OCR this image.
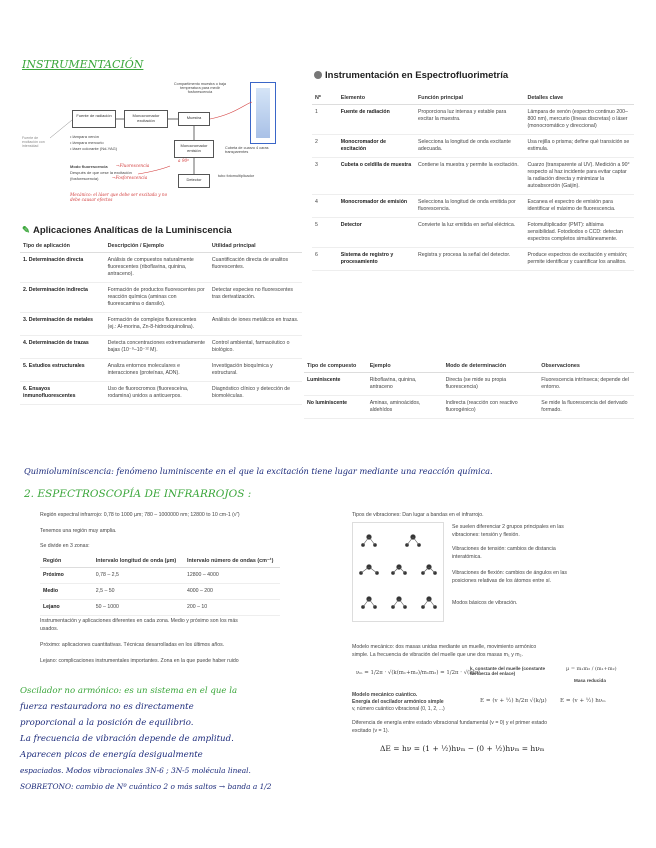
INSTRUMENTACIÓN
Fuente de radiación	Monocromador excitación
Muestra
Monocromador emisión
Detector
Compartimento muestra o baja temperatura para medir fosforescencia
Cubeta de cuarzo 4 caras transparentes
tubo fotomultiplicador
Fuente de excitación con intensidad
• lámpara xenón
• lámpara mercurio
• láser colorante (Nd-YAG)
Modo fluorescencia →Fluorescencia
Después de que cese la excitación
(fosforescencia)	→Fosforescencia
Mecánico: el láser que debe ser excitada y no debe causar efectos
a 90º
Instrumentación en Espectrofluorimetría
Nº	Elemento	Función principal	Detalles clave
1	Fuente de radiación	Proporciona luz intensa y estable para excitar la muestra.	Lámpara de xenón (espectro continuo 200–800 nm), mercurio (líneas discretas) o láser (monocromático y direccional)
2	Monocromador de excitación	Selecciona la longitud de onda excitante adecuada.	Usa rejilla o prisma; define qué transición se estimula.
3	Cubeta o celdilla de muestra	Contiene la muestra y permite la excitación.	Cuarzo (transparente al UV). Medición a 90° respecto al haz incidente para evitar captar la radiación directa y minimizar la autoabsorción (Gaijin).
4	Monocromador de emisión	Selecciona la longitud de onda emitida por fluorescencia.	Escanea el espectro de emisión para identificar el máximo de fluorescencia.
5	Detector	Convierte la luz emitida en señal eléctrica.	Fotomultiplicador (PMT): altísima sensibilidad. Fotodiodos o CCD: detectan espectros completos simultáneamente.
6	Sistema de registro y procesamiento	Registra y procesa la señal del detector.	Produce espectros de excitación y emisión; permite identificar y cuantificar los analitos.
✎ Aplicaciones Analíticas de la Luminiscencia
Tipo de aplicación	Descripción / Ejemplo	Utilidad principal
1. Determinación directa	Análisis de compuestos naturalmente fluorescentes (riboflavina, quinina, antraceno).	Cuantificación directa de analitos fluorescentes.
2. Determinación indirecta	Formación de productos fluorescentes por reacción química (aminas con fluorescamina o dansilo).	Detectar especies no fluorescentes tras derivatización.
3. Determinación de metales	Formación de complejos fluorescentes (ej.: Al-morina, Zn-8-hidroxiquinolina).	Análisis de iones metálicos en trazas.
4. Determinación de trazas	Detecta concentraciones extremadamente bajas (10⁻⁹–10⁻¹² M).	Control ambiental, farmacéutico o biológico.
5. Estudios estructurales	Analiza entornos moleculares e interacciones (proteínas, ADN).	Investigación bioquímica y estructural.
6. Ensayos inmunofluorescentes	Uso de fluorocromos (fluoresceína, rodamina) unidos a anticuerpos.	Diagnóstico clínico y detección de biomoléculas.
Tipo de compuesto	Ejemplo	Modo de determinación	Observaciones
Luminiscente	Riboflavina, quinina, antraceno	Directa (se mide su propia fluorescencia)	Fluorescencia intrínseca; depende del entorno.
No luminiscente	Aminas, aminoácidos, aldehídos	Indirecta (reacción con reactivo fluorogénico)	Se mide la fluorescencia del derivado formado.
Quimioluminiscencia: fenómeno luminiscente en el que la excitación tiene lugar mediante una reacción química.
2. ESPECTROSCOPÍA DE INFRARROJOS :
Región espectral infrarrojo: 0,78 to 1000 µm; 780 – 1000000 nm; 12800 to 10 cm-1 (ν̃ )
Tenemos una región muy amplia.
Se divide en 3 zonas:
Región	Intervalo longitud de onda (µm)	Intervalo número de ondas (cm⁻¹)
Próximo	0,78 – 2,5	12800 – 4000
Medio	2,5 – 50	4000 – 200
Lejano	50 – 1000	200 – 10
Instrumentación y aplicaciones diferentes en cada zona. Medio y próximo son los más
usados.
Próximo: aplicaciones cuantitativas. Técnicas desarrolladas en los últimos años.
Lejano: complicaciones instrumentales importantes. Zona en la que puede haber ruido
Tipos de vibraciones: Dan lugar a bandas en el infrarrojo.
Se suelen diferenciar 2 grupos principales en las
vibraciones: tensión y flexión.
Vibraciones de tensión: cambios de distancia
interatómica.
Vibraciones de flexión: cambios de ángulos en las
posiciones relativas de los átomos entre sí.
Modos básicos de vibración.
Modelo mecánico: dos masas unidas mediante un muelle, movimiento armónico
simple. La frecuencia de vibración del muelle que une dos masas m₁ y m₂.
νₘ = 1/2π · √(k(m₁+m₂)/m₁m₂) = 1/2π · √(k/µ)
k, constante del muelle (constante de fuerza del enlace)
µ = m₁m₂ / (m₁+m₂)
Masa reducida
Modelo mecánico cuántico.
Energía del oscilador armónico simple
v, número cuántico vibracional (0, 1, 2, ...)
E = (v + ½) h/2π √(k/µ) E = (v + ½) hνₘ
Diferencia de energía entre estado vibracional fundamental (v = 0) y el primer estado
excitado (v = 1).
ΔE = hν = (1 + ½)hνₘ − (0 + ½)hνₘ = hνₘ
Oscilador no armónico: es un sistema en el que la
fuerza restauradora no es directamente
proporcional a la posición de equilibrio.
La frecuencia de vibración depende de amplitud.
Aparecen picos de energía desigualmente
espaciados. Modos vibracionales 3N-6 ; 3N-5 molécula lineal.
SOBRETONO: cambio de Nº cuántico 2 o más saltos → banda a 1/2
